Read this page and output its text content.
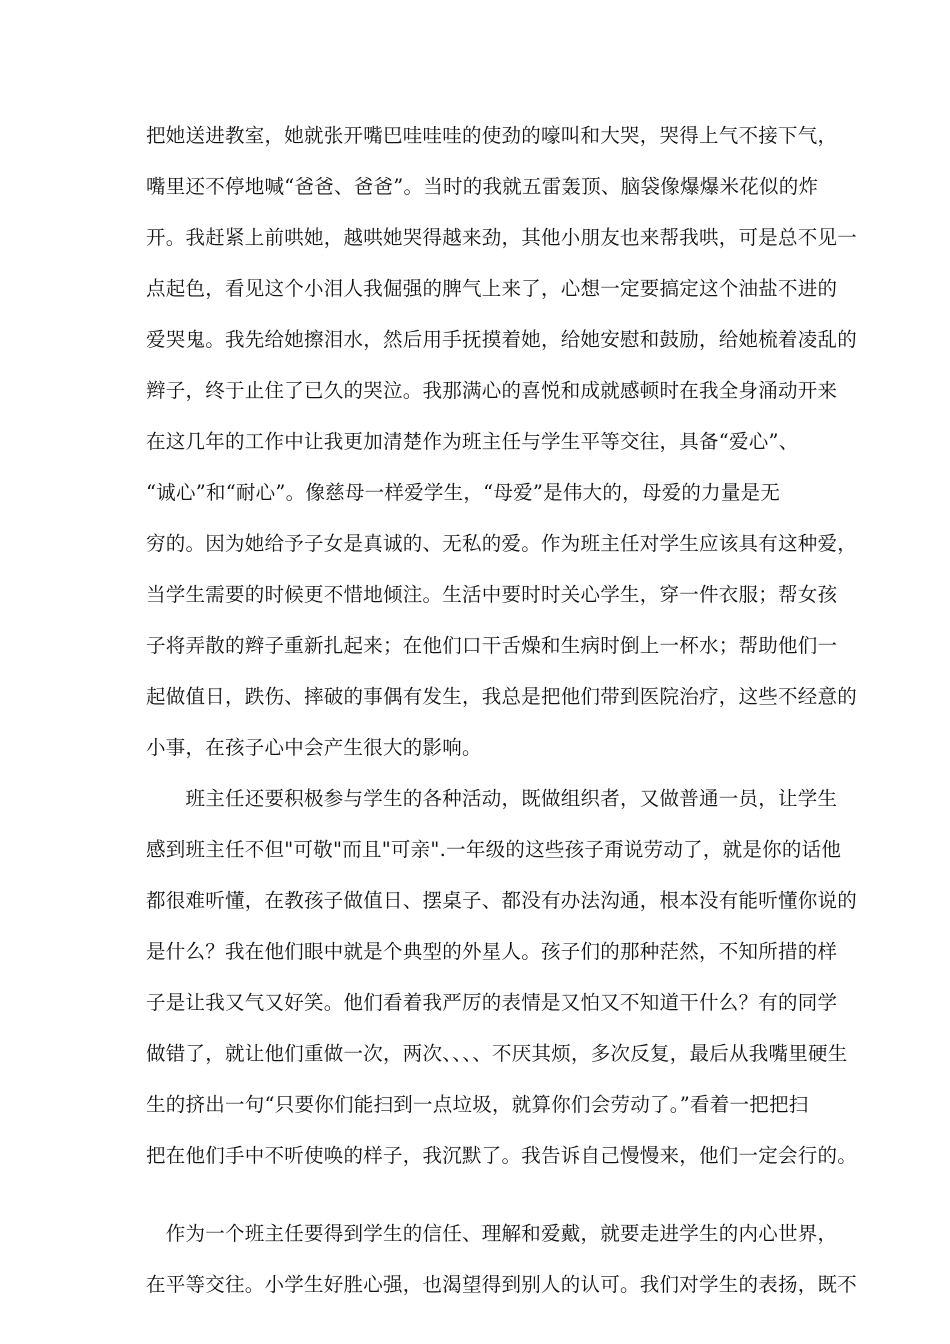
把她送进教室，她就张开嘴巴哇哇哇的使劲的嚎叫和大哭，哭得上气不接下气，
嘴里还不停地喊“爸爸、爸爸”。当时的我就五雷轰顶、脑袋像爆爆米花似的炸
开。我赶紧上前哄她，越哄她哭得越来劲，其他小朋友也来帮我哄，可是总不见一
点起色，看见这个小泪人我倔强的脾气上来了，心想一定要搞定这个油盐不进的
爱哭鬼。我先给她擦泪水，然后用手抚摸着她，给她安慰和鼓励，给她梳着凌乱的
辫子，终于止住了已久的哭泣。我那满心的喜悦和成就感顿时在我全身涌动开来
在这几年的工作中让我更加清楚作为班主任与学生平等交往，具备“爱心”、
“诚心”和“耐心”。像慈母一样爱学生，“母爱”是伟大的，母爱的力量是无
穷的。因为她给予子女是真诚的、无私的爱。作为班主任对学生应该具有这种爱，
当学生需要的时候更不惜地倾注。生活中要时时关心学生，穿一件衣服；帮女孩
子将弄散的辫子重新扎起来；在他们口干舌燥和生病时倒上一杯水；帮助他们一
起做值日，跌伤、摔破的事偶有发生，我总是把他们带到医院治疗，这些不经意的
小事，在孩子心中会产生很大的影响。
　　班主任还要积极参与学生的各种活动，既做组织者，又做普通一员，让学生
感到班主任不但"可敬"而且"可亲".一年级的这些孩子甭说劳动了，就是你的话他
都很难听懂，在教孩子做值日、摆桌子、都没有办法沟通，根本没有能听懂你说的
是什么？我在他们眼中就是个典型的外星人。孩子们的那种茫然，不知所措的样
子是让我又气又好笑。他们看着我严厉的表情是又怕又不知道干什么？有的同学
做错了，就让他们重做一次，两次、、、、不厌其烦，多次反复，最后从我嘴里硬生
生的挤出一句“只要你们能扫到一点垃圾，就算你们会劳动了。”看着一把把扫
把在他们手中不听使唤的样子，我沉默了。我告诉自己慢慢来，他们一定会行的。
　作为一个班主任要得到学生的信任、理解和爱戴，就要走进学生的内心世界，
在平等交往。小学生好胜心强，也渴望得到别人的认可。我们对学生的表扬，既不
